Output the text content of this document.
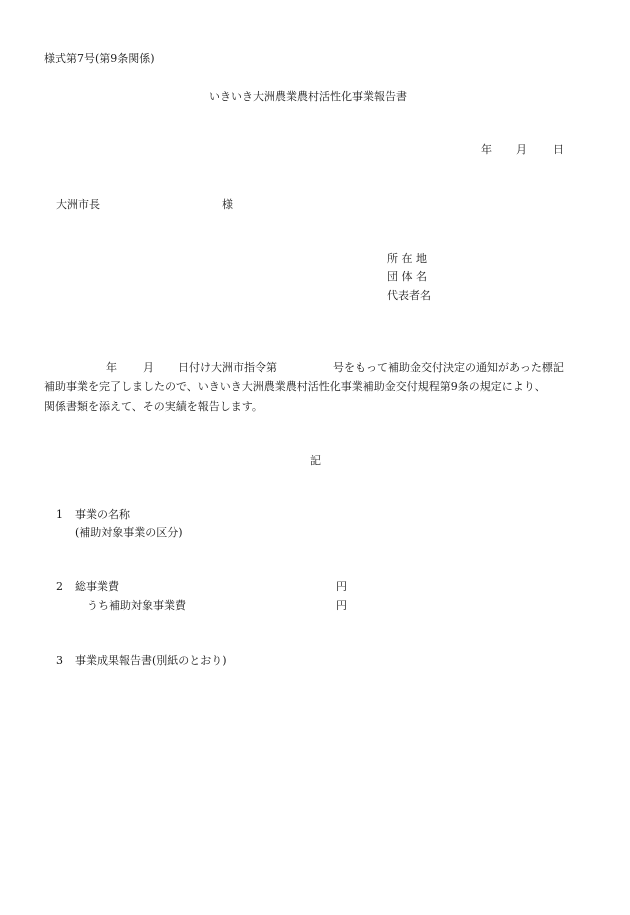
様式第7号(第9条関係)
いきいき大洲農業農村活性化事業報告書
年 月 日
大洲市長	様
所 在 地
団 体 名
代表者名
年 月 日付け大洲市指令第	号をもって補助金交付決定の通知があった標記
補助事業を完了しましたので、いきいき大洲農業農村活性化事業補助金交付規程第9条の規定により、
関係書類を添えて、その実績を報告します。
記
1 事業の名称
(補助対象事業の区分)
2 総事業費	円
うち補助対象事業費	円
3 事業成果報告書(別紙のとおり)
